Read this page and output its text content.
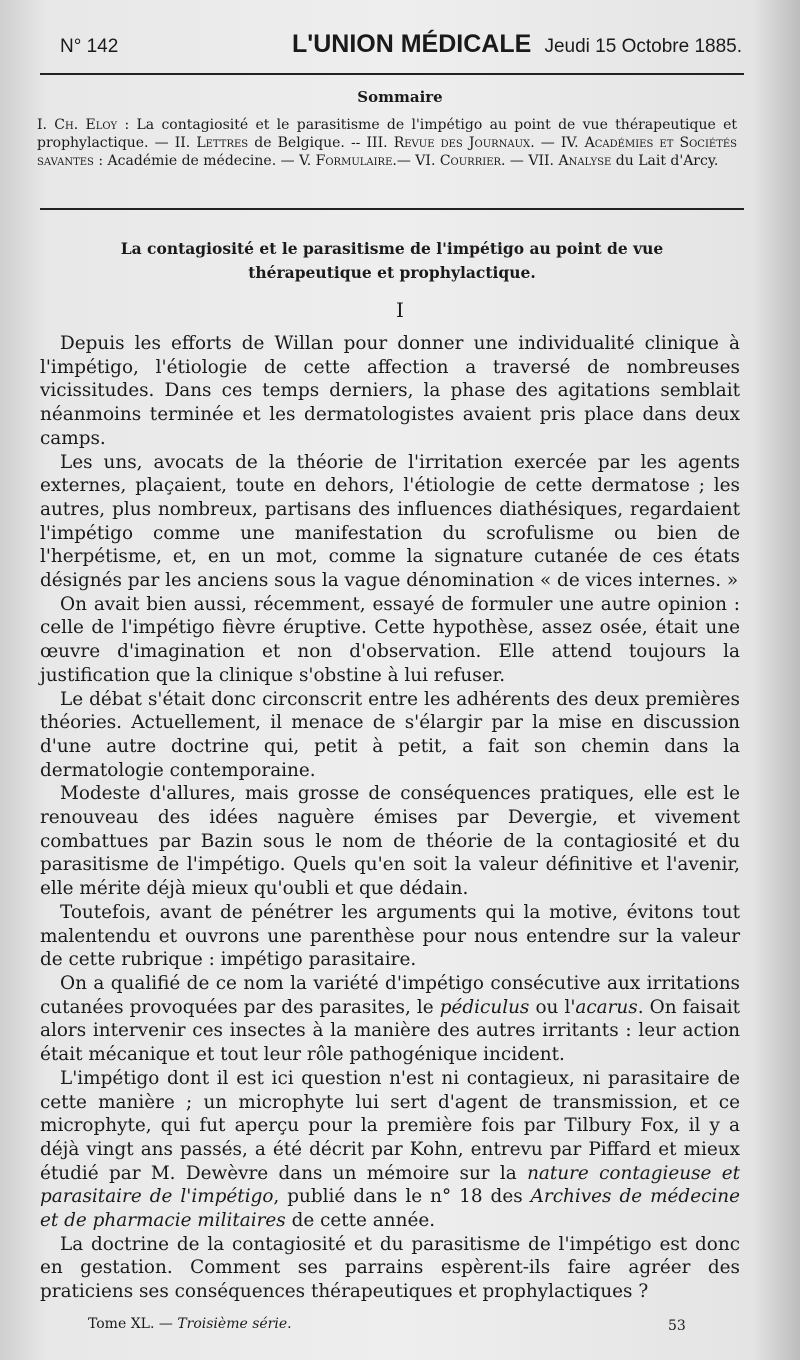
N° 142	L'UNION MÉDICALE Jeudi 15 Octobre 1885.
Sommaire
I. Ch. Eloy : La contagiosité et le parasitisme de l'impétigo au point de vue thérapeutique et prophylactique. — II. Lettres de Belgique. -- III. Revue des Journaux. — IV. Académies et Sociétés savantes : Académie de médecine. — V. Formulaire.— VI. Courrier. — VII. Analyse du Lait d'Arcy.
La contagiosité et le parasitisme de l'impétigo au point de vue
thérapeutique et prophylactique.
I

Depuis les efforts de Willan pour donner une individualité clinique à l'impétigo, l'étiologie de cette affection a traversé de nombreuses vicissitudes. Dans ces temps derniers, la phase des agitations semblait néanmoins terminée et les dermatologistes avaient pris place dans deux camps.

Les uns, avocats de la théorie de l'irritation exercée par les agents externes, plaçaient, toute en dehors, l'étiologie de cette dermatose ; les autres, plus nombreux, partisans des influences diathésiques, regardaient l'impétigo comme une manifestation du scrofulisme ou bien de l'herpétisme, et, en un mot, comme la signature cutanée de ces états désignés par les anciens sous la vague dénomination « de vices internes. »

On avait bien aussi, récemment, essayé de formuler une autre opinion : celle de l'impétigo fièvre éruptive. Cette hypothèse, assez osée, était une œuvre d'imagination et non d'observation. Elle attend toujours la justification que la clinique s'obstine à lui refuser.

Le débat s'était donc circonscrit entre les adhérents des deux premières théories. Actuellement, il menace de s'élargir par la mise en discussion d'une autre doctrine qui, petit à petit, a fait son chemin dans la dermatologie contemporaine.

Modeste d'allures, mais grosse de conséquences pratiques, elle est le renouveau des idées naguère émises par Devergie, et vivement combattues par Bazin sous le nom de théorie de la contagiosité et du parasitisme de l'impétigo. Quels qu'en soit la valeur définitive et l'avenir, elle mérite déjà mieux qu'oubli et que dédain.

Toutefois, avant de pénétrer les arguments qui la motive, évitons tout malentendu et ouvrons une parenthèse pour nous entendre sur la valeur de cette rubrique : impétigo parasitaire.

On a qualifié de ce nom la variété d'impétigo consécutive aux irritations cutanées provoquées par des parasites, le pédiculus ou l'acarus. On faisait alors intervenir ces insectes à la manière des autres irritants : leur action était mécanique et tout leur rôle pathogénique incident.

L'impétigo dont il est ici question n'est ni contagieux, ni parasitaire de cette manière ; un microphyte lui sert d'agent de transmission, et ce microphyte, qui fut aperçu pour la première fois par Tilbury Fox, il y a déjà vingt ans passés, a été décrit par Kohn, entrevu par Piffard et mieux étudié par M. Dewèvre dans un mémoire sur la nature contagieuse et parasitaire de l'impétigo, publié dans le n° 18 des Archives de médecine et de pharmacie militaires de cette année.

La doctrine de la contagiosité et du parasitisme de l'impétigo est donc en gestation. Comment ses parrains espèrent-ils faire agréer des praticiens ses conséquences thérapeutiques et prophylactiques ?

Tome XL. — Troisième série.	53
